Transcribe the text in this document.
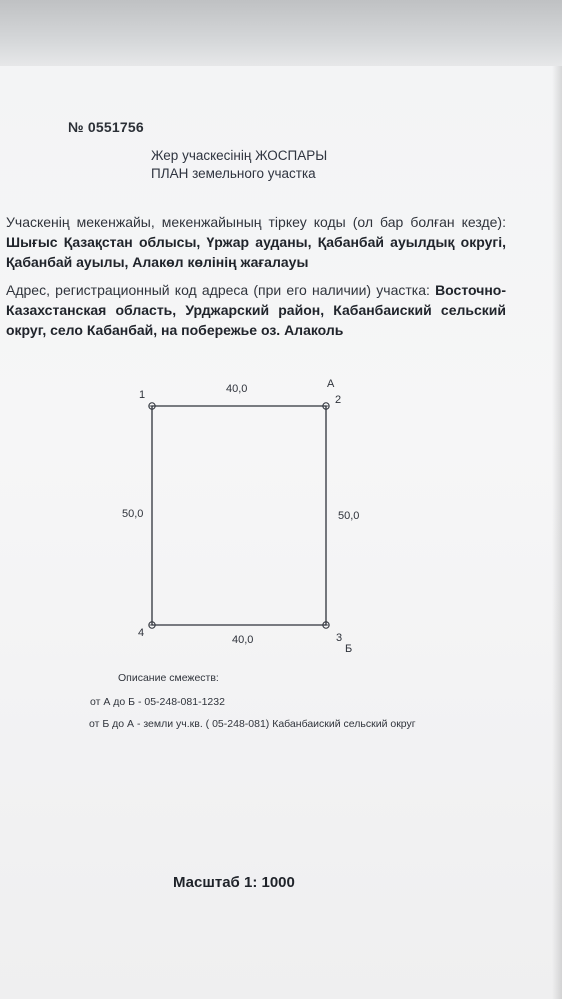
№ 0551756
Жер учаскесінің ЖОСПАРЫ
ПЛАН земельного участка
Учаскенің мекенжайы, мекенжайының тіркеу коды (ол бар болған кезде): Шығыс Қазақстан облысы, Үржар ауданы, Қабанбай ауылдық округі, Қабанбай ауылы, Алакөл көлінің жағалауы
Адрес, регистрационный код адреса (при его наличии) участка: Восточно-Казахстанская область, Урджарский район, Кабанбаиский сельский округ, село Кабанбай, на побережье оз. Алаколь
40,0
40,0
50,0	50,0
1	2
3
4
А
Б
Описание смежеств:
от А до Б - 05-248-081-1232
от Б до А - земли уч.кв. ( 05-248-081) Кабанбаиский сельский округ
Масштаб 1: 1000
